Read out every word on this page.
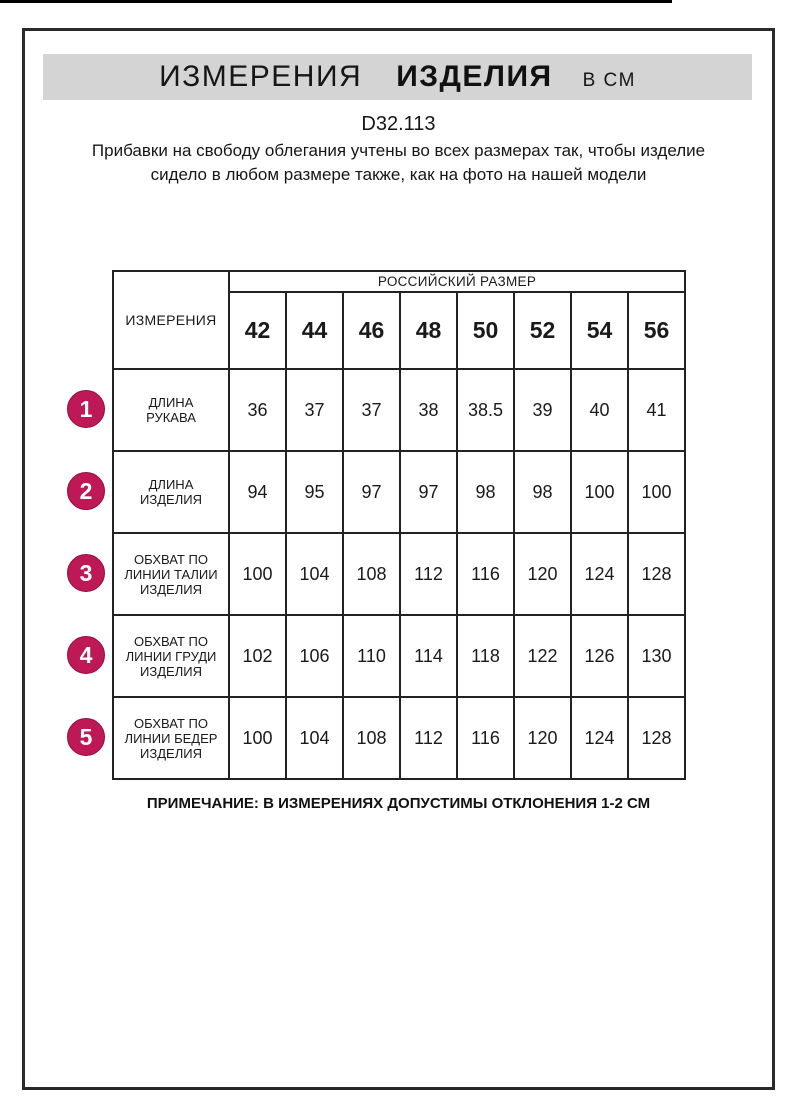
ИЗМЕРЕНИЯ ИЗДЕЛИЯ В СМ
D32.113
Прибавки на свободу облегания учтены во всех размерах так, чтобы изделие сидело в любом размере также, как на фото на нашей модели
ИЗМЕРЕНИЯ	РОССИЙСКИЙ РАЗМЕР							
	42	44	46	48	50	52	54	56
ДЛИНА РУКАВА	36	37	37	38	38.5	39	40	41
ДЛИНА ИЗДЕЛИЯ	94	95	97	97	98	98	100	100
ОБХВАТ ПО ЛИНИИ ТАЛИИ ИЗДЕЛИЯ	100	104	108	112	116	120	124	128
ОБХВАТ ПО ЛИНИИ ГРУДИ ИЗДЕЛИЯ	102	106	110	114	118	122	126	130
ОБХВАТ ПО ЛИНИИ БЕДЕР ИЗДЕЛИЯ	100	104	108	112	116	120	124	128
1
2
3
4
5
ПРИМЕЧАНИЕ: В ИЗМЕРЕНИЯХ ДОПУСТИМЫ ОТКЛОНЕНИЯ 1-2 СМ
